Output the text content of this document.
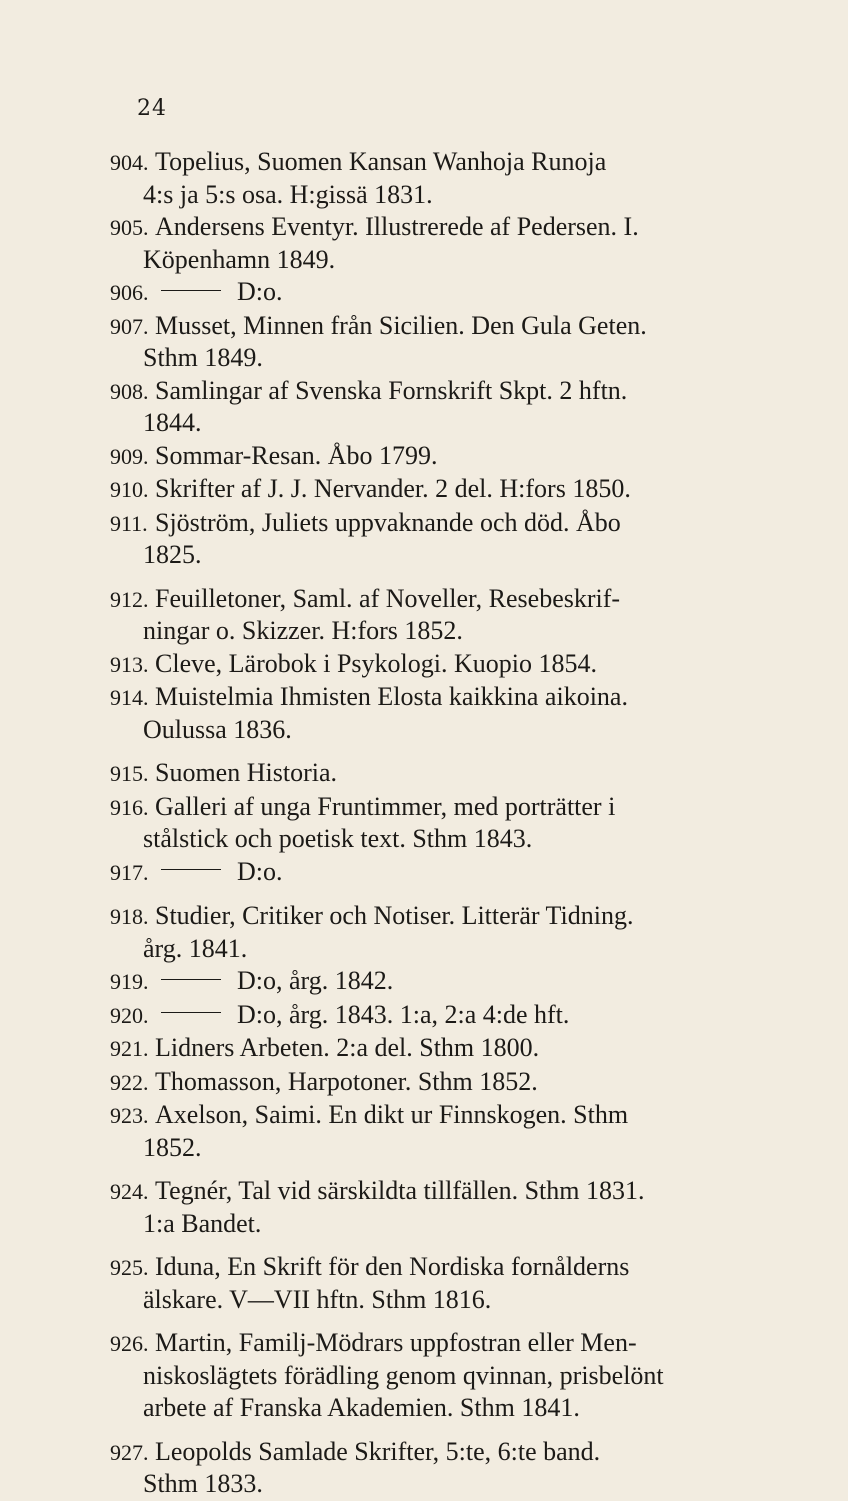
24
904. Topelius, Suomen Kansan Wanhoja Runoja
4:s ja 5:s osa. H:gissä 1831.
905. Andersens Eventyr. Illustrerede af Pedersen. I.
Köpenhamn 1849.
906.	D:o.
907. Musset, Minnen från Sicilien. Den Gula Geten.
Sthm 1849.
908. Samlingar af Svenska Fornskrift Skpt. 2 hftn.
1844.
909. Sommar-Resan. Åbo 1799.
910. Skrifter af J. J. Nervander. 2 del. H:fors 1850.
911. Sjöström, Juliets uppvaknande och död. Åbo
1825.
912. Feuilletoner, Saml. af Noveller, Resebeskrif-
ningar o. Skizzer. H:fors 1852.
913. Cleve, Lärobok i Psykologi. Kuopio 1854.
914. Muistelmia Ihmisten Elosta kaikkina aikoina.
Oulussa 1836.
915. Suomen Historia.
916. Galleri af unga Fruntimmer, med porträtter i
stålstick och poetisk text. Sthm 1843.
917.	D:o.
918. Studier, Critiker och Notiser. Litterär Tidning.
årg. 1841.
919.	D:o, årg. 1842.
920.	D:o, årg. 1843. 1:a, 2:a 4:de hft.
921. Lidners Arbeten. 2:a del. Sthm 1800.
922. Thomasson, Harpotoner. Sthm 1852.
923. Axelson, Saimi. En dikt ur Finnskogen. Sthm
1852.
924. Tegnér, Tal vid särskildta tillfällen. Sthm 1831.
1:a Bandet.
925. Iduna, En Skrift för den Nordiska fornålderns
älskare. V—VII hftn. Sthm 1816.
926. Martin, Familj-Mödrars uppfostran eller Men-
niskoslägtets förädling genom qvinnan, prisbelönt
arbete af Franska Akademien. Sthm 1841.
927. Leopolds Samlade Skrifter, 5:te, 6:te band.
Sthm 1833.
